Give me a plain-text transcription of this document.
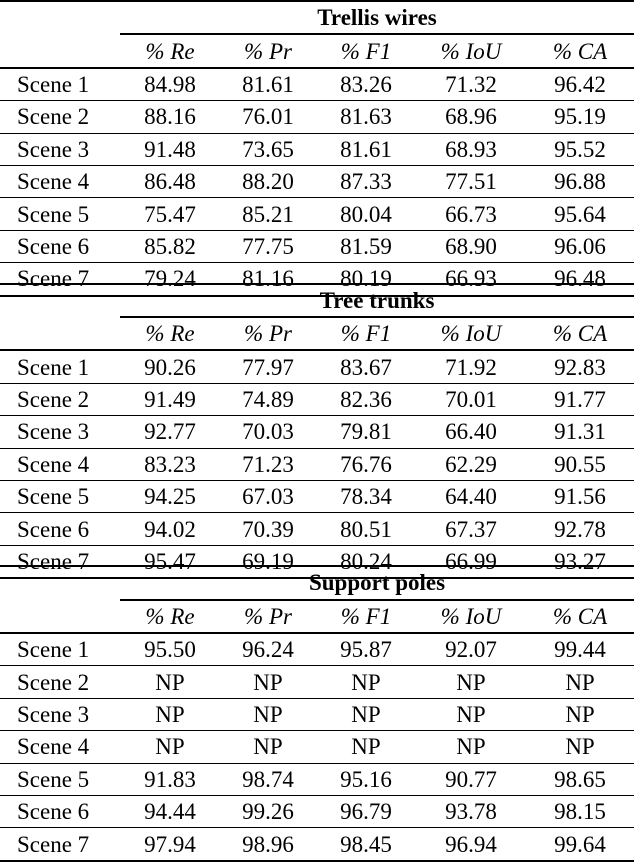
	Trellis wires				
	% Re	% Pr	% F1	% IoU	% CA
Scene 1	84.98	81.61	83.26	71.32	96.42
Scene 2	88.16	76.01	81.63	68.96	95.19
Scene 3	91.48	73.65	81.61	68.93	95.52
Scene 4	86.48	88.20	87.33	77.51	96.88
Scene 5	75.47	85.21	80.04	66.73	95.64
Scene 6	85.82	77.75	81.59	68.90	96.06
Scene 7	79.24	81.16	80.19	66.93	96.48
	Tree trunks				
	% Re	% Pr	% F1	% IoU	% CA
Scene 1	90.26	77.97	83.67	71.92	92.83
Scene 2	91.49	74.89	82.36	70.01	91.77
Scene 3	92.77	70.03	79.81	66.40	91.31
Scene 4	83.23	71.23	76.76	62.29	90.55
Scene 5	94.25	67.03	78.34	64.40	91.56
Scene 6	94.02	70.39	80.51	67.37	92.78
Scene 7	95.47	69.19	80.24	66.99	93.27
	Support poles				
	% Re	% Pr	% F1	% IoU	% CA
Scene 1	95.50	96.24	95.87	92.07	99.44
Scene 2	NP	NP	NP	NP	NP
Scene 3	NP	NP	NP	NP	NP
Scene 4	NP	NP	NP	NP	NP
Scene 5	91.83	98.74	95.16	90.77	98.65
Scene 6	94.44	99.26	96.79	93.78	98.15
Scene 7	97.94	98.96	98.45	96.94	99.64
